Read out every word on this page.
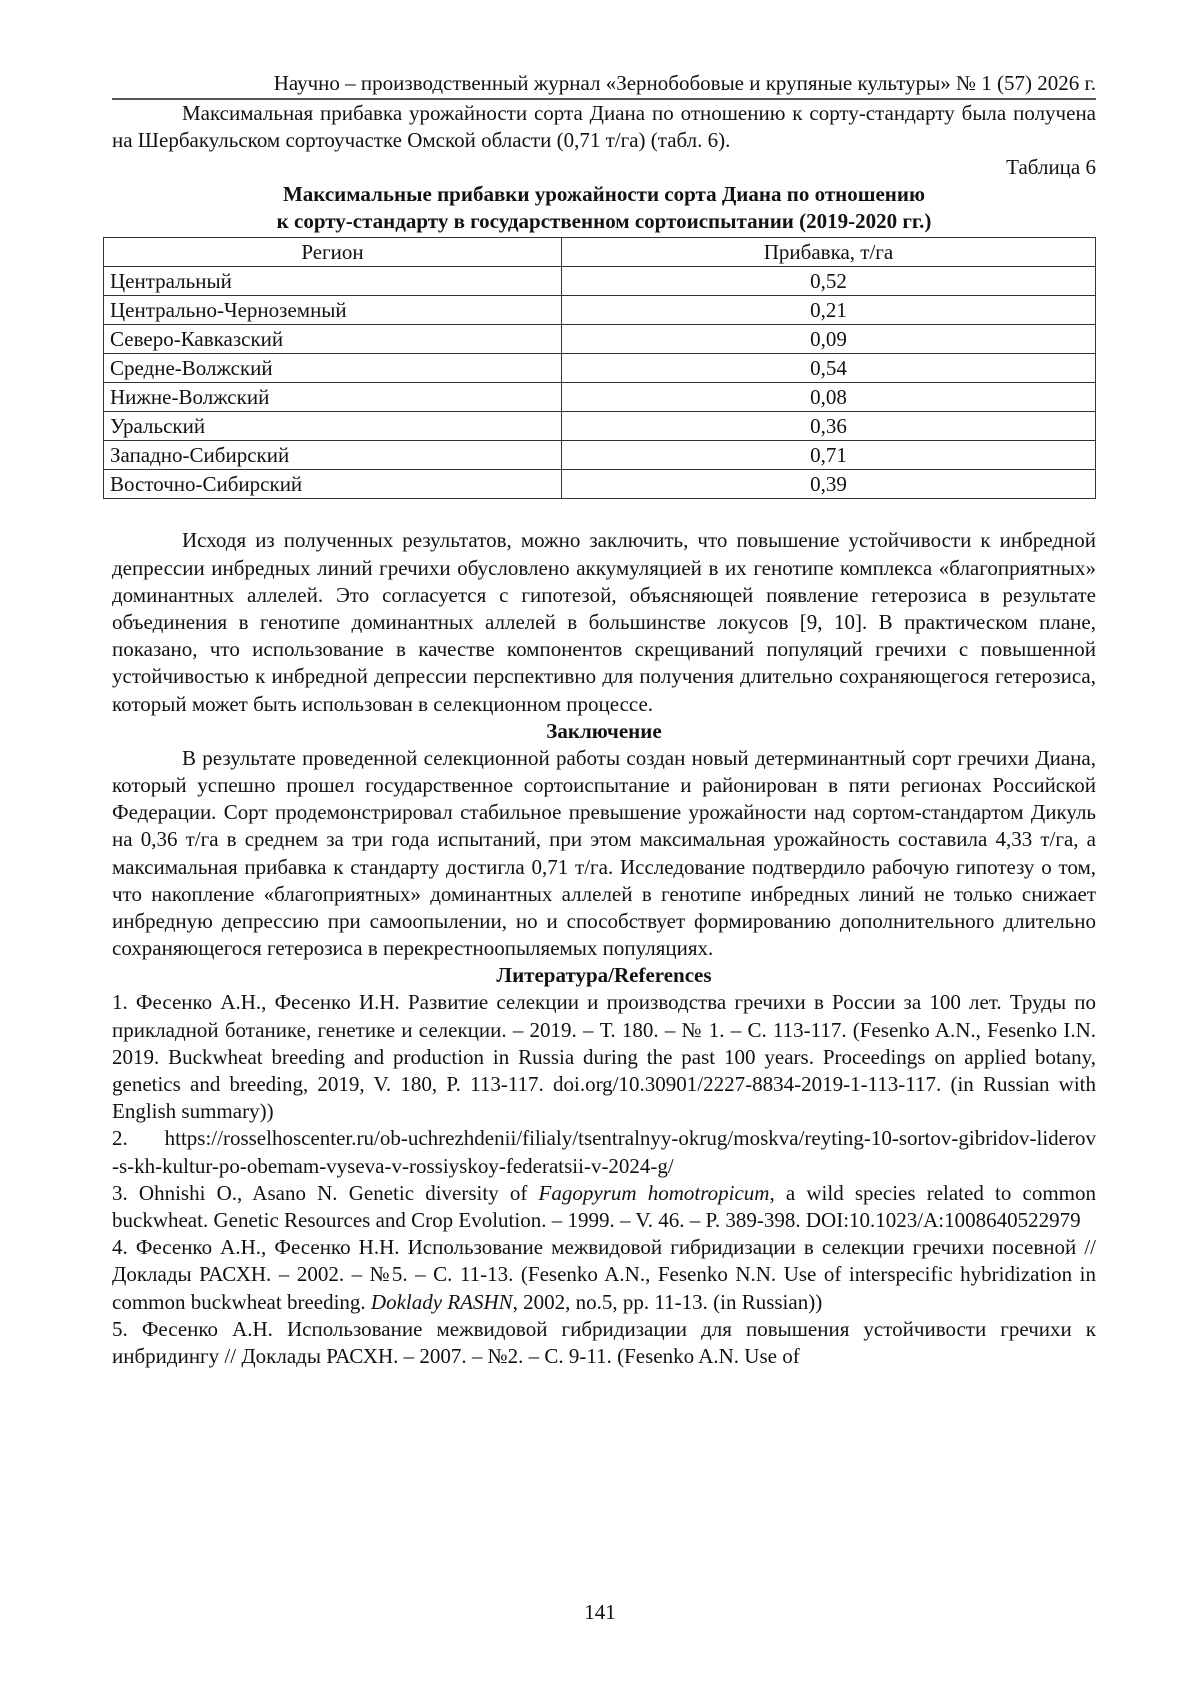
Научно – производственный журнал «Зернобобовые и крупяные культуры» № 1 (57) 2026 г.

Максимальная прибавка урожайности сорта Диана по отношению к сорту-стандарту была получена на Шербакульском сортоучастке Омской области (0,71 т/га) (табл. 6).

Таблица 6
Максимальные прибавки урожайности сорта Диана по отношению
к сорту-стандарту в государственном сортоиспытании (2019-2020 гг.)
Регион	Прибавка, т/га
Центральный	0,52
Центрально-Черноземный	0,21
Северо-Кавказский	0,09
Средне-Волжский	0,54
Нижне-Волжский	0,08
Уральский	0,36
Западно-Сибирский	0,71
Восточно-Сибирский	0,39

Исходя из полученных результатов, можно заключить, что повышение устойчивости к инбредной депрессии инбредных линий гречихи обусловлено аккумуляцией в их генотипе комплекса «благоприятных» доминантных аллелей. Это согласуется с гипотезой, объясняющей появление гетерозиса в результате объединения в генотипе доминантных аллелей в большинстве локусов [9, 10]. В практическом плане, показано, что использование в качестве компонентов скрещиваний популяций гречихи с повышенной устойчивостью к инбредной депрессии перспективно для получения длительно сохраняющегося гетерозиса, который может быть использован в селекционном процессе.

Заключение

В результате проведенной селекционной работы создан новый детерминантный сорт гречихи Диана, который успешно прошел государственное сортоиспытание и районирован в пяти регионах Российской Федерации. Сорт продемонстрировал стабильное превышение урожайности над сортом-стандартом Дикуль на 0,36 т/га в среднем за три года испытаний, при этом максимальная урожайность составила 4,33 т/га, а максимальная прибавка к стандарту достигла 0,71 т/га. Исследование подтвердило рабочую гипотезу о том, что накопление «благоприятных» доминантных аллелей в генотипе инбредных линий не только снижает инбредную депрессию при самоопылении, но и способствует формированию дополнительного длительно сохраняющегося гетерозиса в перекрестноопыляемых популяциях.

Литература/References

1. Фесенко А.Н., Фесенко И.Н. Развитие селекции и производства гречихи в России за 100 лет. Труды по прикладной ботанике, генетике и селекции. – 2019. – Т. 180. – № 1. – С. 113-117. (Fesenko A.N., Fesenko I.N. 2019. Buckwheat breeding and production in Russia during the past 100 years. Proceedings on applied botany, genetics and breeding, 2019, V. 180, P. 113-117. doi.org/10.30901/2227-8834-2019-1-113-117. (in Russian with English summary))

2. https://rosselhoscenter.ru/ob-uchrezhdenii/filialy/tsentralnyy-okrug/moskva/reyting-10-sortov-gibridov-liderov-s-kh-kultur-po-obemam-vyseva-v-rossiyskoy-federatsii-v-2024-g/

3. Ohnishi O., Asano N. Genetic diversity of Fagopyrum homotropicum, a wild species related to common buckwheat. Genetic Resources and Crop Evolution. – 1999. – V. 46. – P. 389-398. DOI:10.1023/A:1008640522979

4. Фесенко А.Н., Фесенко Н.Н. Использование межвидовой гибридизации в селекции гречихи посевной // Доклады РАСХН. – 2002. – №5. – С. 11-13. (Fesenko A.N., Fesenko N.N. Use of interspecific hybridization in common buckwheat breeding. Doklady RASHN, 2002, no.5, pp. 11-13. (in Russian))

5. Фесенко А.Н. Использование межвидовой гибридизации для повышения устойчивости гречихи к инбридингу // Доклады РАСХН. – 2007. – №2. – С. 9-11. (Fesenko A.N. Use of

141
